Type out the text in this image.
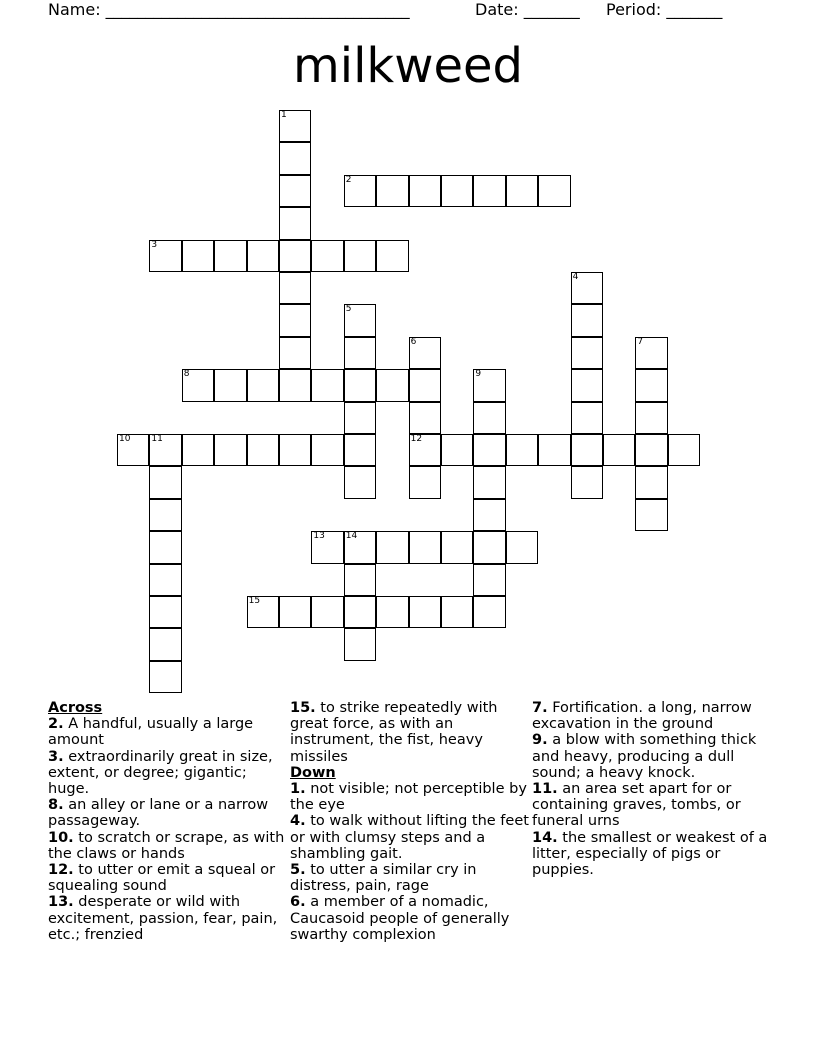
Name: ______________________________________

	Date: _______

Period: _______

milkweed
1
2
3
4
5
6
12
7
8	9
10 11
13 14
15
Across
2. A handful, usually a large amount
3. extraordinarily great in size, extent, or degree; gigantic; huge.
8. an alley or lane or a narrow passageway.
10. to scratch or scrape, as with the claws or hands
12. to utter or emit a squeal or squealing sound
13. desperate or wild with excitement, passion, fear, pain, etc.; frenzied
15. to strike repeatedly with great force, as with an instrument, the fist, heavy missiles
Down
1. not visible; not perceptible by the eye
4. to walk without lifting the feet or with clumsy steps and a shambling gait.
5. to utter a similar cry in distress, pain, rage
6. a member of a nomadic, Caucasoid people of generally swarthy complexion
7. Fortification. a long, narrow excavation in the ground
9. a blow with something thick and heavy, producing a dull sound; a heavy knock.
11. an area set apart for or containing graves, tombs, or funeral urns
14. the smallest or weakest of a litter, especially of pigs or puppies.
